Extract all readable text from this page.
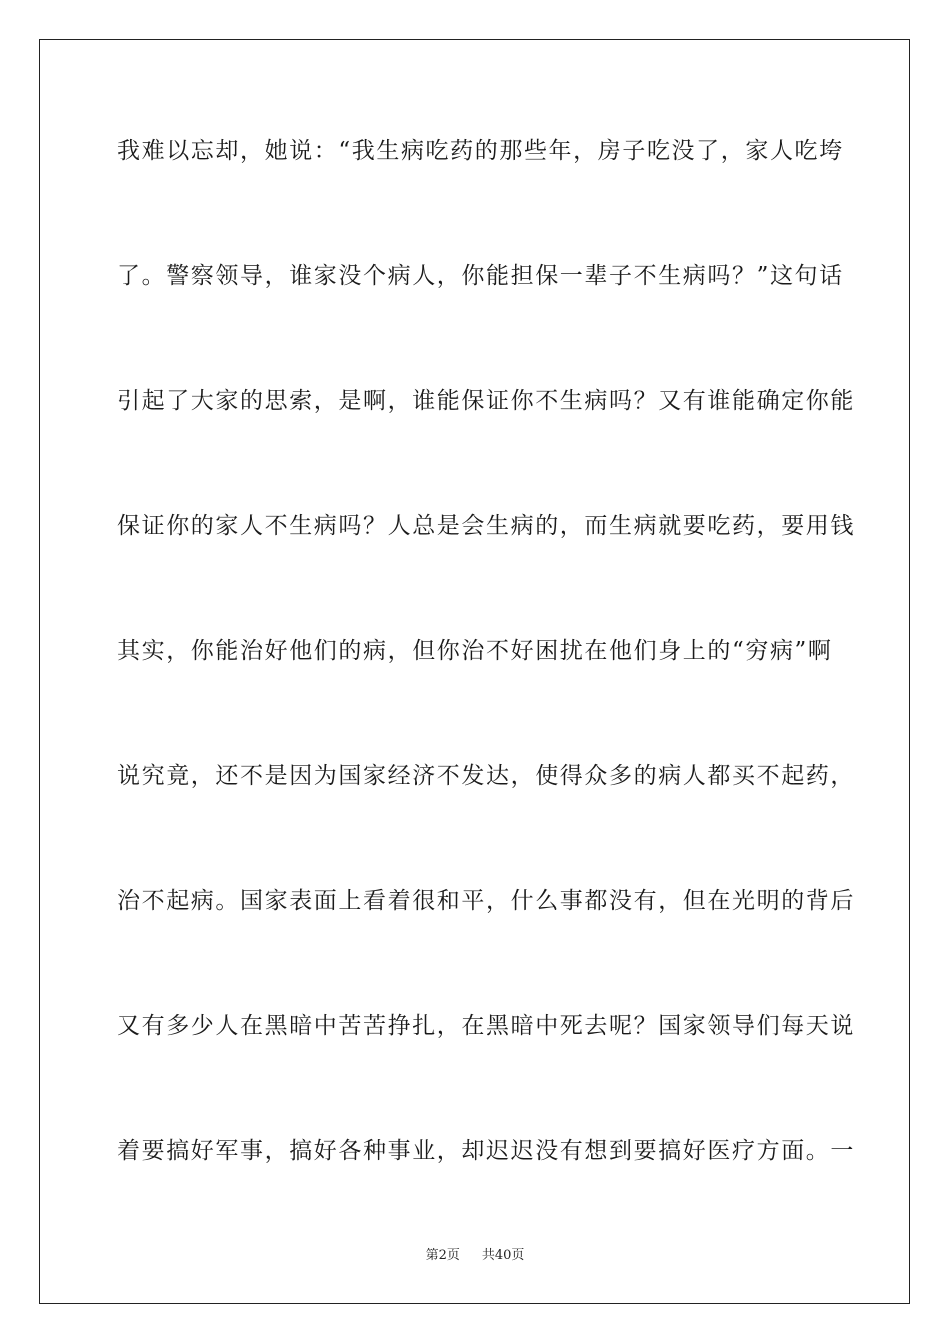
我难以忘却，她说：“我生病吃药的那些年，房子吃没了，家人吃垮
了。警察领导，谁家没个病人，你能担保一辈子不生病吗？”这句话
引起了大家的思索，是啊，谁能保证你不生病吗？又有谁能确定你能
保证你的家人不生病吗？人总是会生病的，而生病就要吃药，要用钱
其实，你能治好他们的病，但你治不好困扰在他们身上的“穷病”啊
说究竟，还不是因为国家经济不发达，使得众多的病人都买不起药，
治不起病。国家表面上看着很和平，什么事都没有，但在光明的背后
又有多少人在黑暗中苦苦挣扎，在黑暗中死去呢？国家领导们每天说
着要搞好军事，搞好各种事业，却迟迟没有想到要搞好医疗方面。一
第2页 共40页
